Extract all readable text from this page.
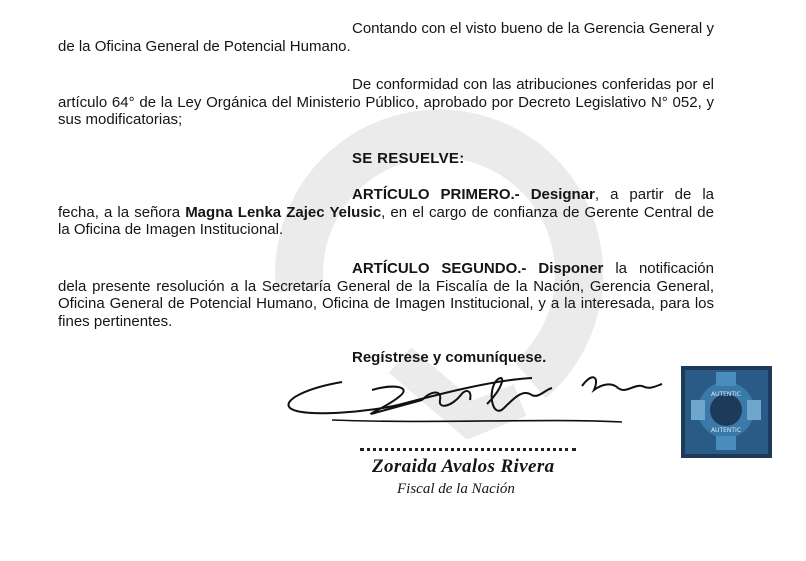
Contando con el visto bueno de la Gerencia General y de la Oficina General de Potencial Humano.

De conformidad con las atribuciones conferidas por el artículo 64° de la Ley Orgánica del Ministerio Público, aprobado por Decreto Legislativo N° 052, y sus modificatorias;

SE RESUELVE:

ARTÍCULO PRIMERO.- Designar, a partir de la fecha, a la señora Magna Lenka Zajec Yelusic, en el cargo de confianza de Gerente Central de la Oficina de Imagen Institucional.

ARTÍCULO SEGUNDO.- Disponer la notificación dela presente resolución a la Secretaría General de la Fiscalía de la Nación, Gerencia General, Oficina General de Potencial Humano, Oficina de Imagen Institucional, y a la interesada, para los fines pertinentes.

Regístrese y comuníquese.
Zoraida Avalos Rivera
Fiscal de la Nación
AUTENTIC
AUTENTIC
